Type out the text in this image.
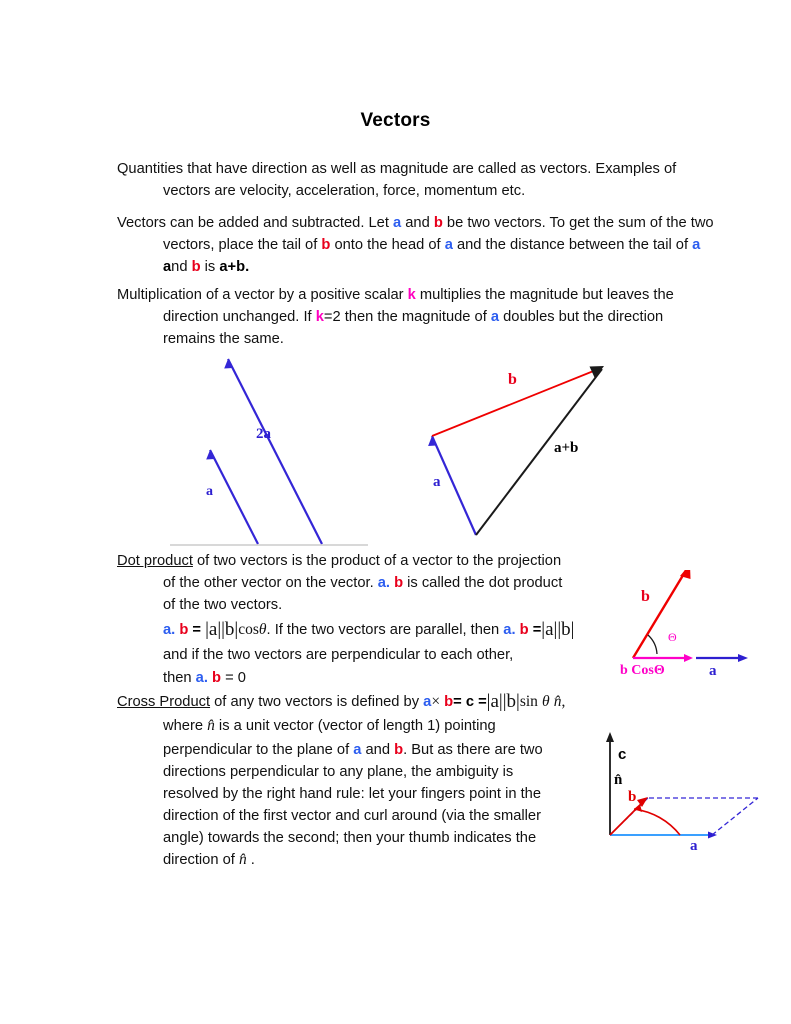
Vectors
Quantities that have direction as well as magnitude are called as vectors. Examples of
vectors are velocity, acceleration, force, momentum etc.
Vectors can be added and subtracted. Let a and b be two vectors. To get the sum of the two
vectors, place the tail of b onto the head of a and the distance between the tail of a
and b is a+b.
Multiplication of a vector by a positive scalar k multiplies the magnitude but leaves the
direction unchanged. If k=2 then the magnitude of a doubles but the direction
remains the same.
a
2a
b
a+b
a
Dot product of two vectors is the product of a vector to the projection
of the other vector on the vector. a. b is called the dot product
of the two vectors.
a. b = |a||b|cosθ. If the two vectors are parallel, then a. b =|a||b|
and if the two vectors are perpendicular to each other,
then a. b = 0
b
Θ
b CosΘ	a
Cross Product of any two vectors is defined by a× b= c =|a||b|sin θ n̂,
where n̂ is a unit vector (vector of length 1) pointing
perpendicular to the plane of a and b. But as there are two
directions perpendicular to any plane, the ambiguity is
resolved by the right hand rule: let your fingers point in the
direction of the first vector and curl around (via the smaller
angle) towards the second; then your thumb indicates the
direction of n̂ .
c
n̂
b
a
